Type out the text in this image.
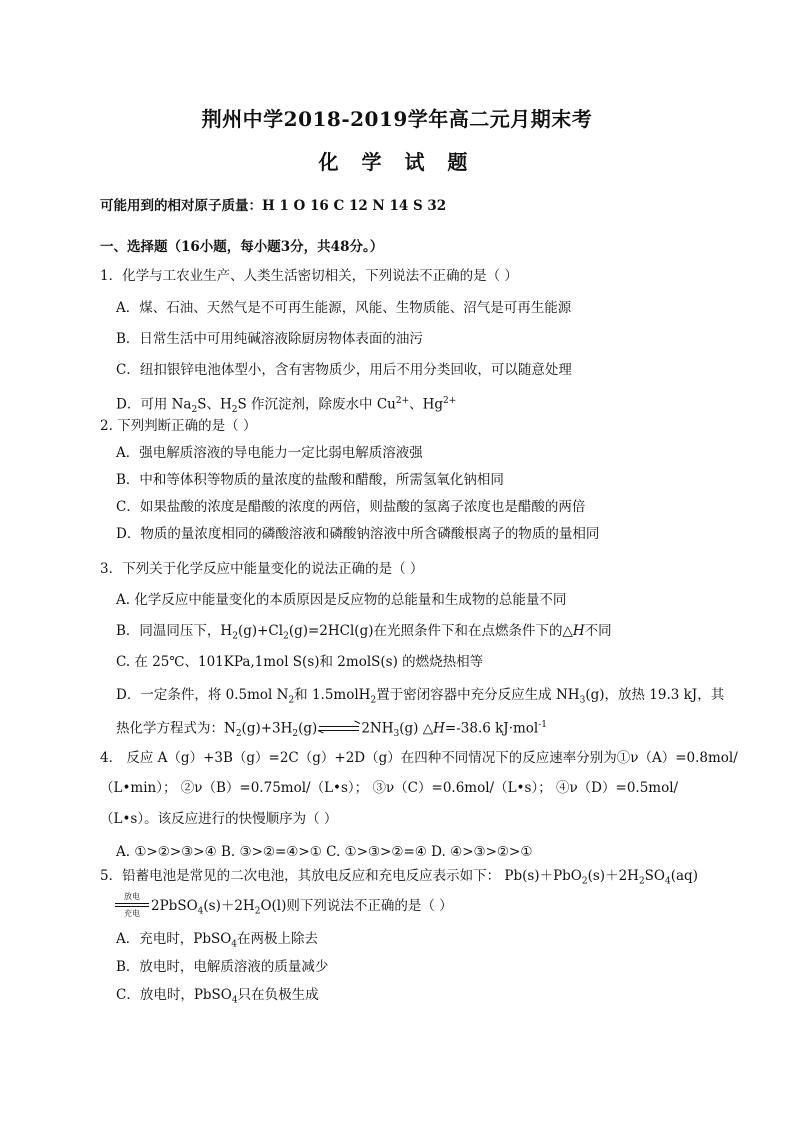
荆州中学2018-2019学年高二元月期末考
化 学 试 题
可能用到的相对原子质量：H 1 O 16 C 12 N 14 S 32
一、选择题（16小题，每小题3分，共48分。）
1．化学与工农业生产、人类生活密切相关，下列说法不正确的是（ ）
A．煤、石油、天然气是不可再生能源，风能、生物质能、沼气是可再生能源
B．日常生活中可用纯碱溶液除厨房物体表面的油污
C．纽扣银锌电池体型小，含有害物质少，用后不用分类回收，可以随意处理
D．可用 $Na_2S$、$H_2S$ 作沉淀剂，除废水中 $Cu^{2+}$、$Hg^{2+}$
2. 下列判断正确的是（ ）
A．强电解质溶液的导电能力一定比弱电解质溶液强
B．中和等体积等物质的量浓度的盐酸和醋酸，所需氢氧化钠相同
C．如果盐酸的浓度是醋酸的浓度的两倍，则盐酸的氢离子浓度也是醋酸的两倍
D．物质的量浓度相同的磷酸溶液和磷酸钠溶液中所含磷酸根离子的物质的量相同
3．下列关于化学反应中能量变化的说法正确的是（ ）
A. 化学反应中能量变化的本质原因是反应物的总能量和生成物的总能量不同
B．同温同压下，$H_2(g)+Cl_2(g)=2HCl(g)$在光照条件下和在点燃条件下的△H不同
C. 在 25℃、101KPa,1mol S(s)和 2molS(s) 的燃烧热相等
D．一定条件，将 0.5mol $N_2$和 1.5molH$_2$置于密闭容器中充分反应生成 $NH_3(g)$，放热 19.3 kJ，其
热化学方程式为：$N_2(g)+3H_2(g)$ ⇌ $2NH_3(g)$ △H=-38.6 kJ·mol$^{-1}$
4． 反应 A（g）+3B（g）=2C（g）+2D（g）在四种不同情况下的反应速率分别为①ν（A）=0.8mol/
（L•min）； ②ν（B）=0.75mol/（L•s）； ③ν（C）=0.6mol/（L•s）； ④ν（D）=0.5mol/
（L•s）。该反应进行的快慢顺序为（ ）
A. ①>②>③>④ B. ③>②=④>① C. ①>③>②=④ D. ④>③>②>①
5．铅蓄电池是常见的二次电池，其放电反应和充电反应表示如下： $Pb(s)+PbO_2(s)+2H_2SO_4(aq)$
放电
充电 $2PbSO_4(s)+2H_2O(l)$则下列说法不正确的是（ ）
A．充电时，PbSO$_4$在两极上除去
B．放电时，电解质溶液的质量减少
C．放电时，PbSO$_4$只在负极生成
